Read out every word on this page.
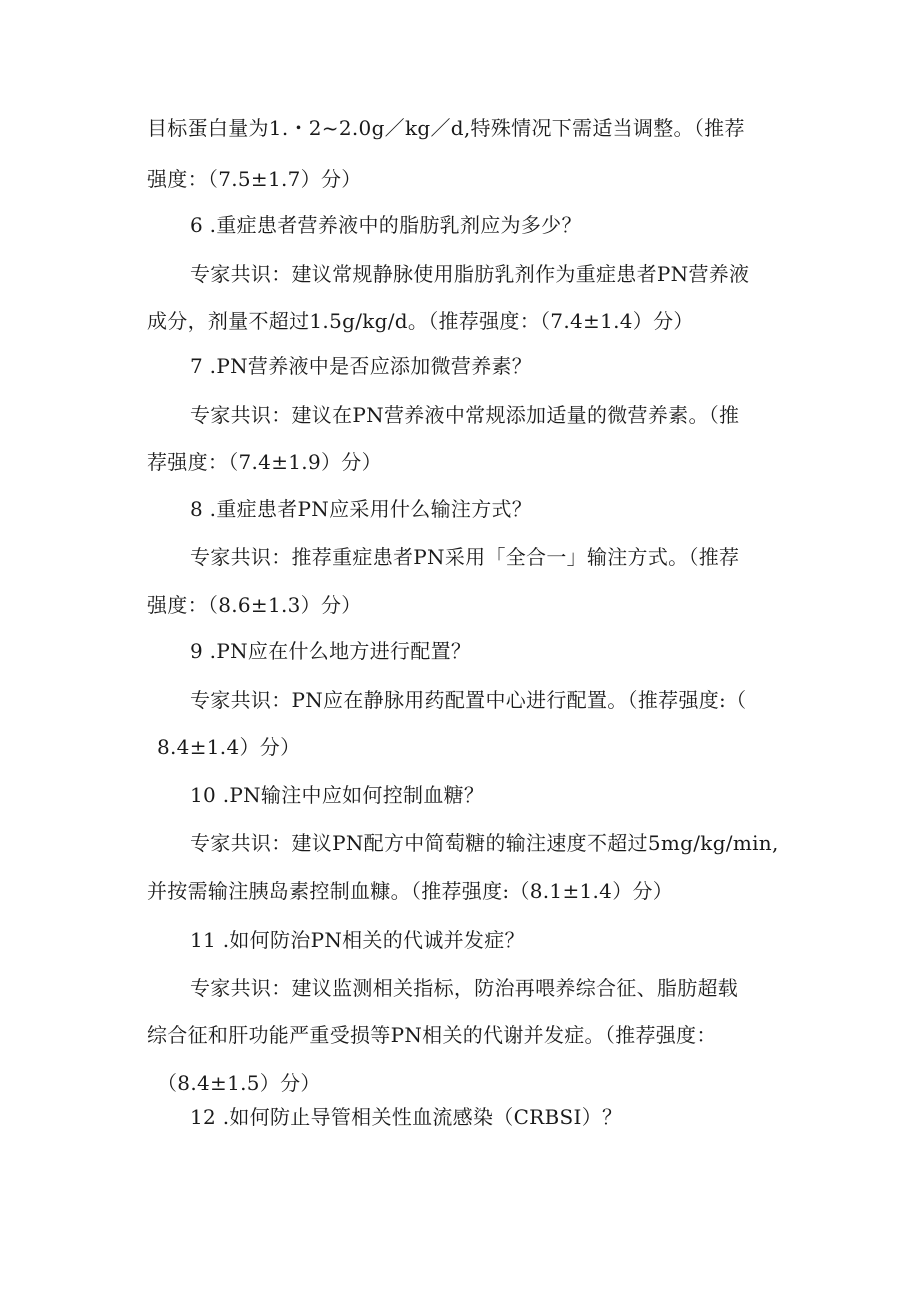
目标蛋白量为1.・2~2.0g／kg／d,特殊情况下需适当调整。（推荐
强度：（7.5±1.7）分）
6 .重症患者营养液中的脂肪乳剂应为多少？
专家共识：建议常规静脉使用脂肪乳剂作为重症患者PN营养液
成分，剂量不超过1.5g/kg/d。（推荐强度：（7.4±1.4）分）
7 .PN营养液中是否应添加微营养素？
专家共识：建议在PN营养液中常规添加适量的微营养素。（推
荐强度：（7.4±1.9）分）
8 .重症患者PN应采用什么输注方式？
专家共识：推荐重症患者PN采用「全合一」输注方式。（推荐
强度：（8.6±1.3）分）
9 .PN应在什么地方进行配置？
专家共识：PN应在静脉用药配置中心进行配置。（推荐强度:（
8.4±1.4）分）
10 .PN输注中应如何控制血糖？
专家共识：建议PN配方中简萄糖的输注速度不超过5mg/kg/min,
并按需输注胰岛素控制血糠。（推荐强度:（8.1±1.4）分）
11 .如何防治PN相关的代诚并发症？
专家共识：建议监测相关指标，防治再喂养综合征、脂肪超载
综合征和肝功能严重受损等PN相关的代谢并发症。（推荐强度：
（8.4±1.5）分）
12 .如何防止导管相关性血流感染（CRBSI）？
